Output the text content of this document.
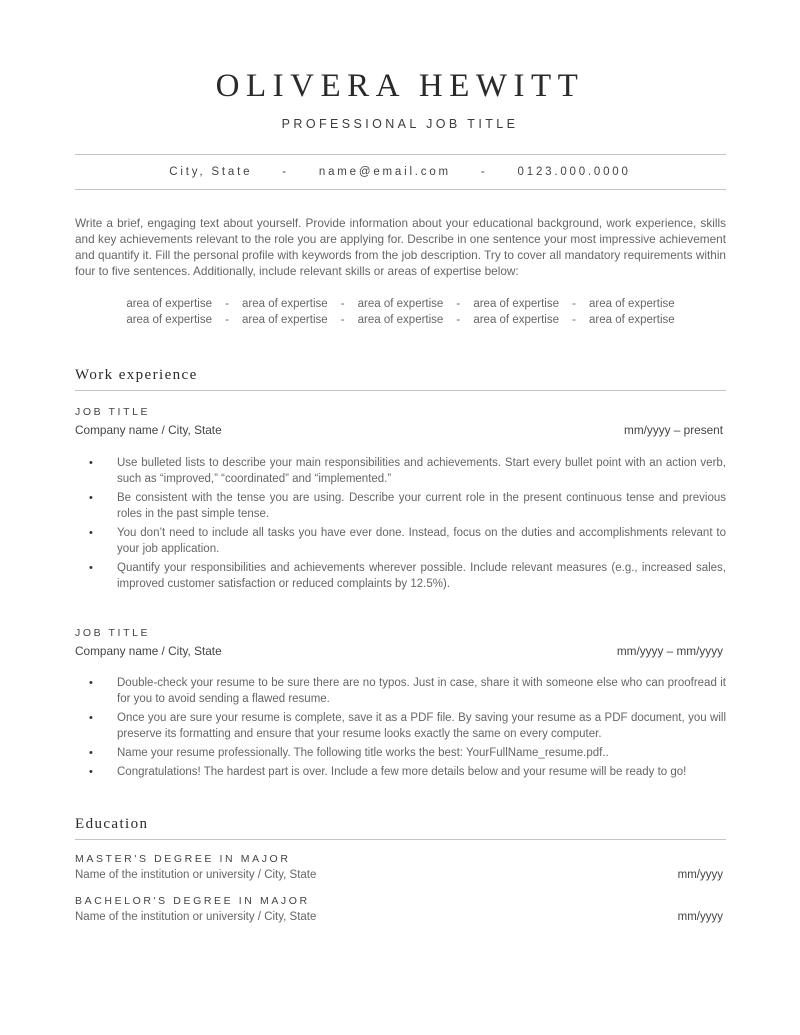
OLIVERA HEWITT
PROFESSIONAL JOB TITLE
City, State	-	name@email.com	-	0123.000.0000

Write a brief, engaging text about yourself. Provide information about your educational background, work experience, skills and key achievements relevant to the role you are applying for. Describe in one sentence your most impressive achievement and quantify it. Fill the personal profile with keywords from the job description. Try to cover all mandatory requirements within four to five sentences. Additionally, include relevant skills or areas of expertise below:

area of expertise - area of expertise - area of expertise - area of expertise - area of expertise
area of expertise - area of expertise - area of expertise - area of expertise - area of expertise
Work experience
JOB TITLE
Company name / City, State	mm/yyyy – present
• Use bulleted lists to describe your main responsibilities and achievements. Start every bullet point with an action verb, such as “improved,” “coordinated” and “implemented.”
• Be consistent with the tense you are using. Describe your current role in the present continuous tense and previous roles in the past simple tense.
• You don’t need to include all tasks you have ever done. Instead, focus on the duties and accomplishments relevant to your job application.
• Quantify your responsibilities and achievements wherever possible. Include relevant measures (e.g., increased sales, improved customer satisfaction or reduced complaints by 12.5%).
JOB TITLE
Company name / City, State	mm/yyyy – mm/yyyy
• Double-check your resume to be sure there are no typos. Just in case, share it with someone else who can proofread it for you to avoid sending a flawed resume.
• Once you are sure your resume is complete, save it as a PDF file. By saving your resume as a PDF document, you will preserve its formatting and ensure that your resume looks exactly the same on every computer.
• Name your resume professionally. The following title works the best: YourFullName_resume.pdf..
• Congratulations! The hardest part is over. Include a few more details below and your resume will be ready to go!
Education
MASTER'S DEGREE IN MAJOR
Name of the institution or university / City, State	mm/yyyy
BACHELOR'S DEGREE IN MAJOR
Name of the institution or university / City, State	mm/yyyy
